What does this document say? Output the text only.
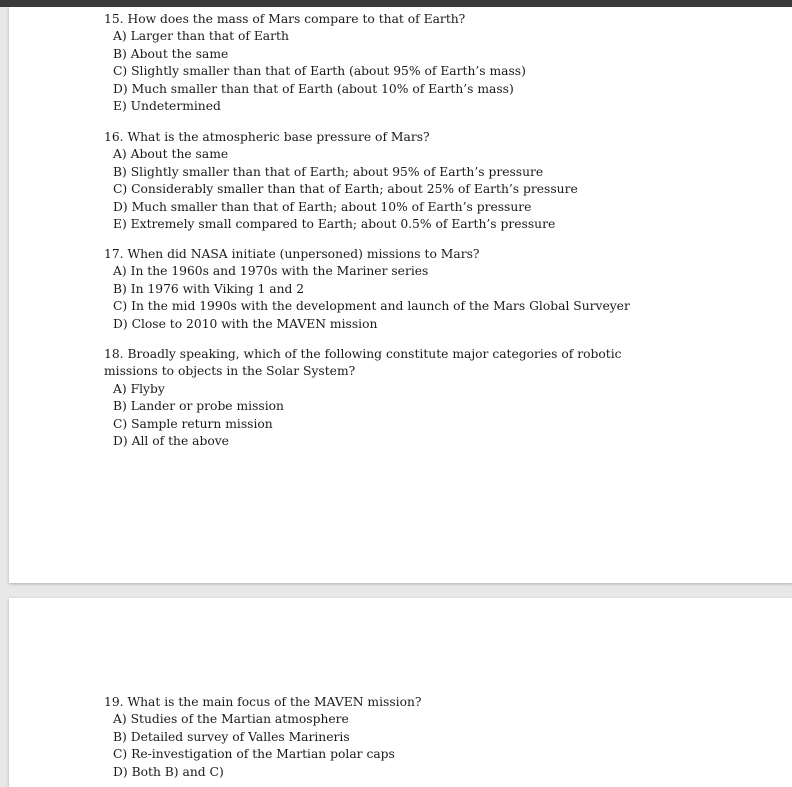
15. How does the mass of Mars compare to that of Earth?
A) Larger than that of Earth
B) About the same
C) Slightly smaller than that of Earth (about 95% of Earth’s mass)
D) Much smaller than that of Earth (about 10% of Earth’s mass)
E) Undetermined
16. What is the atmospheric base pressure of Mars?
A) About the same
B) Slightly smaller than that of Earth; about 95% of Earth’s pressure
C) Considerably smaller than that of Earth; about 25% of Earth’s pressure
D) Much smaller than that of Earth; about 10% of Earth’s pressure
E) Extremely small compared to Earth; about 0.5% of Earth’s pressure
17. When did NASA initiate (unpersoned) missions to Mars?
A) In the 1960s and 1970s with the Mariner series
B) In 1976 with Viking 1 and 2
C) In the mid 1990s with the development and launch of the Mars Global Surveyer
D) Close to 2010 with the MAVEN mission
18. Broadly speaking, which of the following constitute major categories of robotic missions to objects in the Solar System?
A) Flyby
B) Lander or probe mission
C) Sample return mission
D) All of the above
19. What is the main focus of the MAVEN mission?
A) Studies of the Martian atmosphere
B) Detailed survey of Valles Marineris
C) Re-investigation of the Martian polar caps
D) Both B) and C)
